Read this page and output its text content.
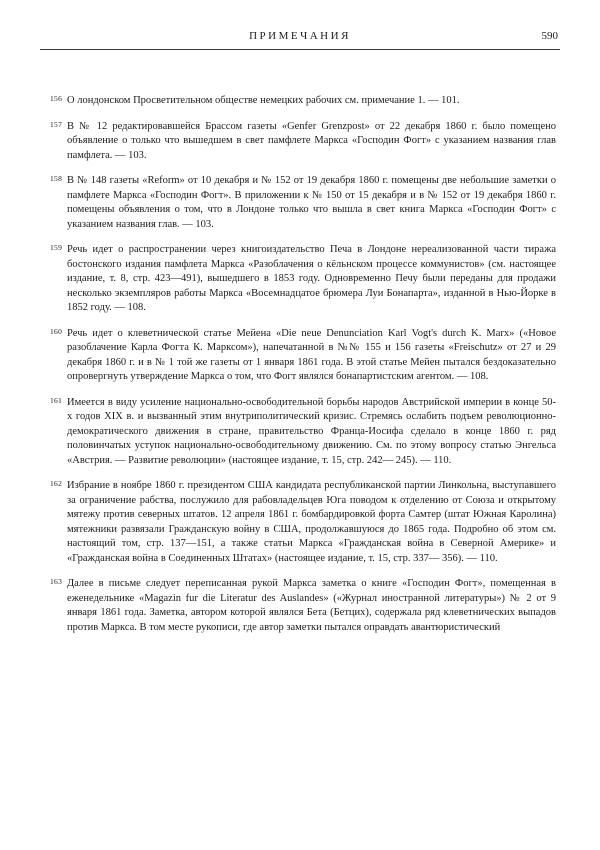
ПРИМЕЧАНИЯ	590
156 О лондонском Просветительном обществе немецких рабочих см. примечание 1. — 101.
157 В № 12 редактировавшейся Брассом газеты «Genfer Grenzpost» от 22 декабря 1860 г. было помещено объявление о только что вышедшем в свет памфлете Маркса «Господин Фогт» с указанием названия глав памфлета. — 103.
158 В № 148 газеты «Reform» от 10 декабря и № 152 от 19 декабря 1860 г. помещены две небольшие заметки о памфлете Маркса «Господин Фогт». В приложении к № 150 от 15 декабря и в № 152 от 19 декабря 1860 г. помещены объявления о том, что в Лондоне только что вышла в свет книга Маркса «Господин Фогт» с указанием названия глав. — 103.
159 Речь идет о распространении через книгоиздательство Печа в Лондоне нереализованной части тиража бостонского издания памфлета Маркса «Разоблачения о кёльнском процессе коммунистов» (см. настоящее издание, т. 8, стр. 423—491), вышедшего в 1853 году. Одновременно Печу были переданы для продажи несколько экземпляров работы Маркса «Восемнадцатое брюмера Луи Бонапарта», изданной в Нью-Йорке в 1852 году. — 108.
160 Речь идет о клеветнической статье Мейена «Die neue Denunciation Karl Vogt's durch K. Marx» («Новое разоблачение Карла Фогта К. Марксом»), напечатанной в №№ 155 и 156 газеты «Freischutz» от 27 и 29 декабря 1860 г. и в № 1 той же газеты от 1 января 1861 года. В этой статье Мейен пытался бездоказательно опровергнуть утверждение Маркса о том, что Фогт являлся бонапартистским агентом. — 108.
161 Имеется в виду усиление национально-освободительной борьбы народов Австрийской империи в конце 50-х годов XIX в. и вызванный этим внутриполитический кризис. Стремясь ослабить подъем революционно-демократического движения в стране, правительство Франца-Иосифа сделало в конце 1860 г. ряд половинчатых уступок национально-освободительному движению. См. по этому вопросу статью Энгельса «Австрия. — Развитие революции» (настоящее издание, т. 15, стр. 242— 245). — 110.
162 Избрание в ноябре 1860 г. президентом США кандидата республиканской партии Линкольна, выступавшего за ограничение рабства, послужило для рабовладельцев Юга поводом к отделению от Союза и открытому мятежу против северных штатов. 12 апреля 1861 г. бомбардировкой форта Самтер (штат Южная Каролина) мятежники развязали Гражданскую войну в США, продолжавшуюся до 1865 года. Подробно об этом см. настоящий том, стр. 137—151, а также статьи Маркса «Гражданская война в Северной Америке» и «Гражданская война в Соединенных Штатах» (настоящее издание, т. 15, стр. 337— 356). — 110.
163 Далее в письме следует переписанная рукой Маркса заметка о книге «Господин Фогт», помещенная в еженедельнике «Magazin fur die Literatur des Auslandes» («Журнал иностранной литературы») № 2 от 9 января 1861 года. Заметка, автором которой являлся Бета (Бетцих), содержала ряд клеветнических выпадов против Маркса. В том месте рукописи, где автор заметки пытался оправдать авантюристический
